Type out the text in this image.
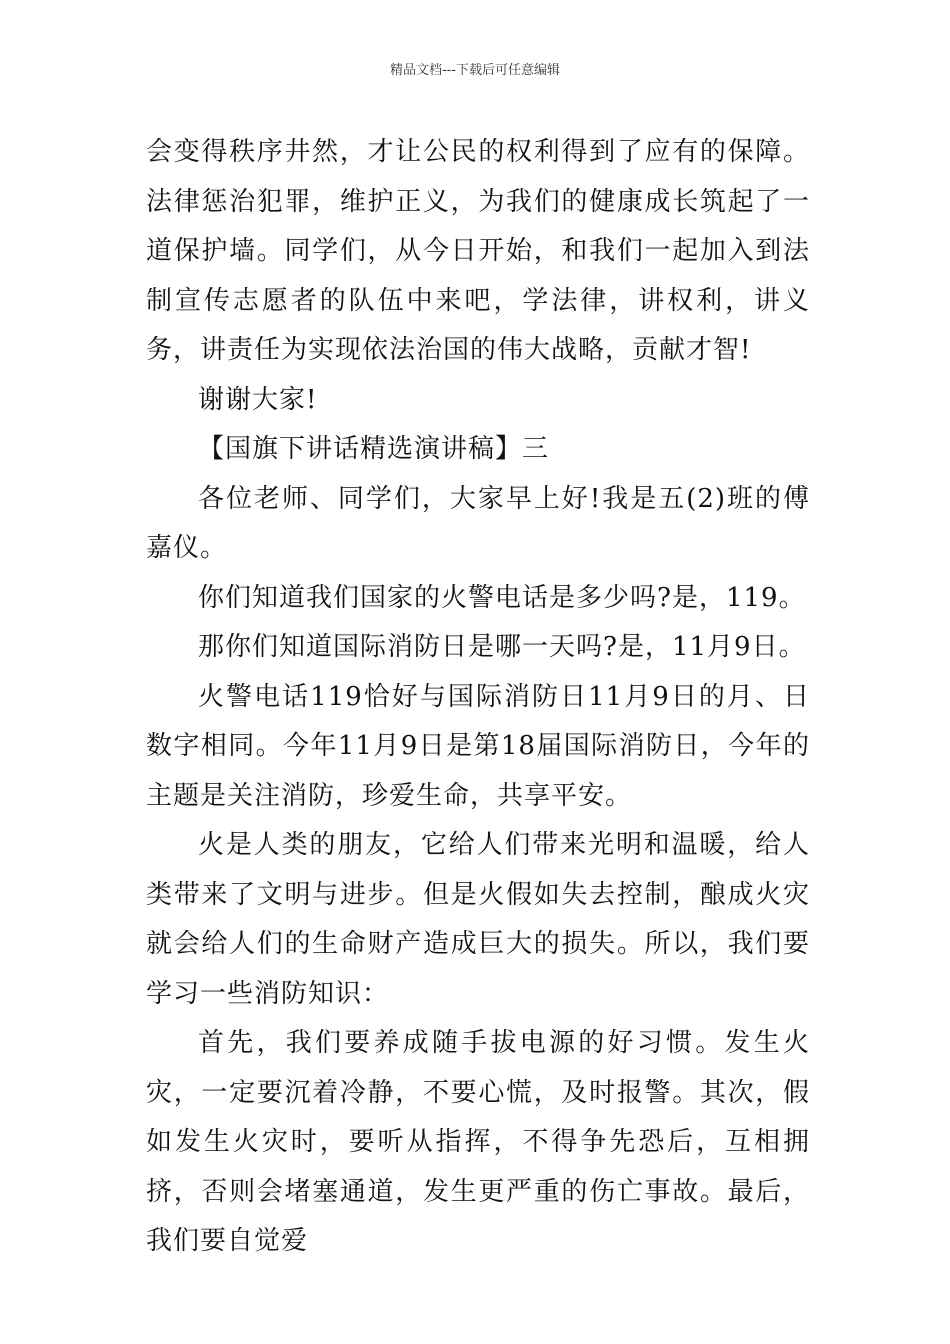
精品文档---下载后可任意编辑

会变得秩序井然，才让公民的权利得到了应有的保障。法律惩治犯罪，维护正义，为我们的健康成长筑起了一道保护墙。同学们，从今日开始，和我们一起加入到法制宣传志愿者的队伍中来吧，学法律，讲权利，讲义务，讲责任为实现依法治国的伟大战略，贡献才智!

谢谢大家!

【国旗下讲话精选演讲稿】三

各位老师、同学们，大家早上好!我是五(2)班的傅嘉仪。

你们知道我们国家的火警电话是多少吗?是，119。

那你们知道国际消防日是哪一天吗?是，11月9日。

火警电话119恰好与国际消防日11月9日的月、日数字相同。今年11月9日是第18届国际消防日，今年的主题是关注消防，珍爱生命，共享平安。

火是人类的朋友，它给人们带来光明和温暖，给人类带来了文明与进步。但是火假如失去控制，酿成火灾就会给人们的生命财产造成巨大的损失。所以，我们要学习一些消防知识：

首先，我们要养成随手拔电源的好习惯。发生火灾，一定要沉着冷静，不要心慌，及时报警。其次，假如发生火灾时，要听从指挥，不得争先恐后，互相拥挤，否则会堵塞通道，发生更严重的伤亡事故。最后，我们要自觉爱
